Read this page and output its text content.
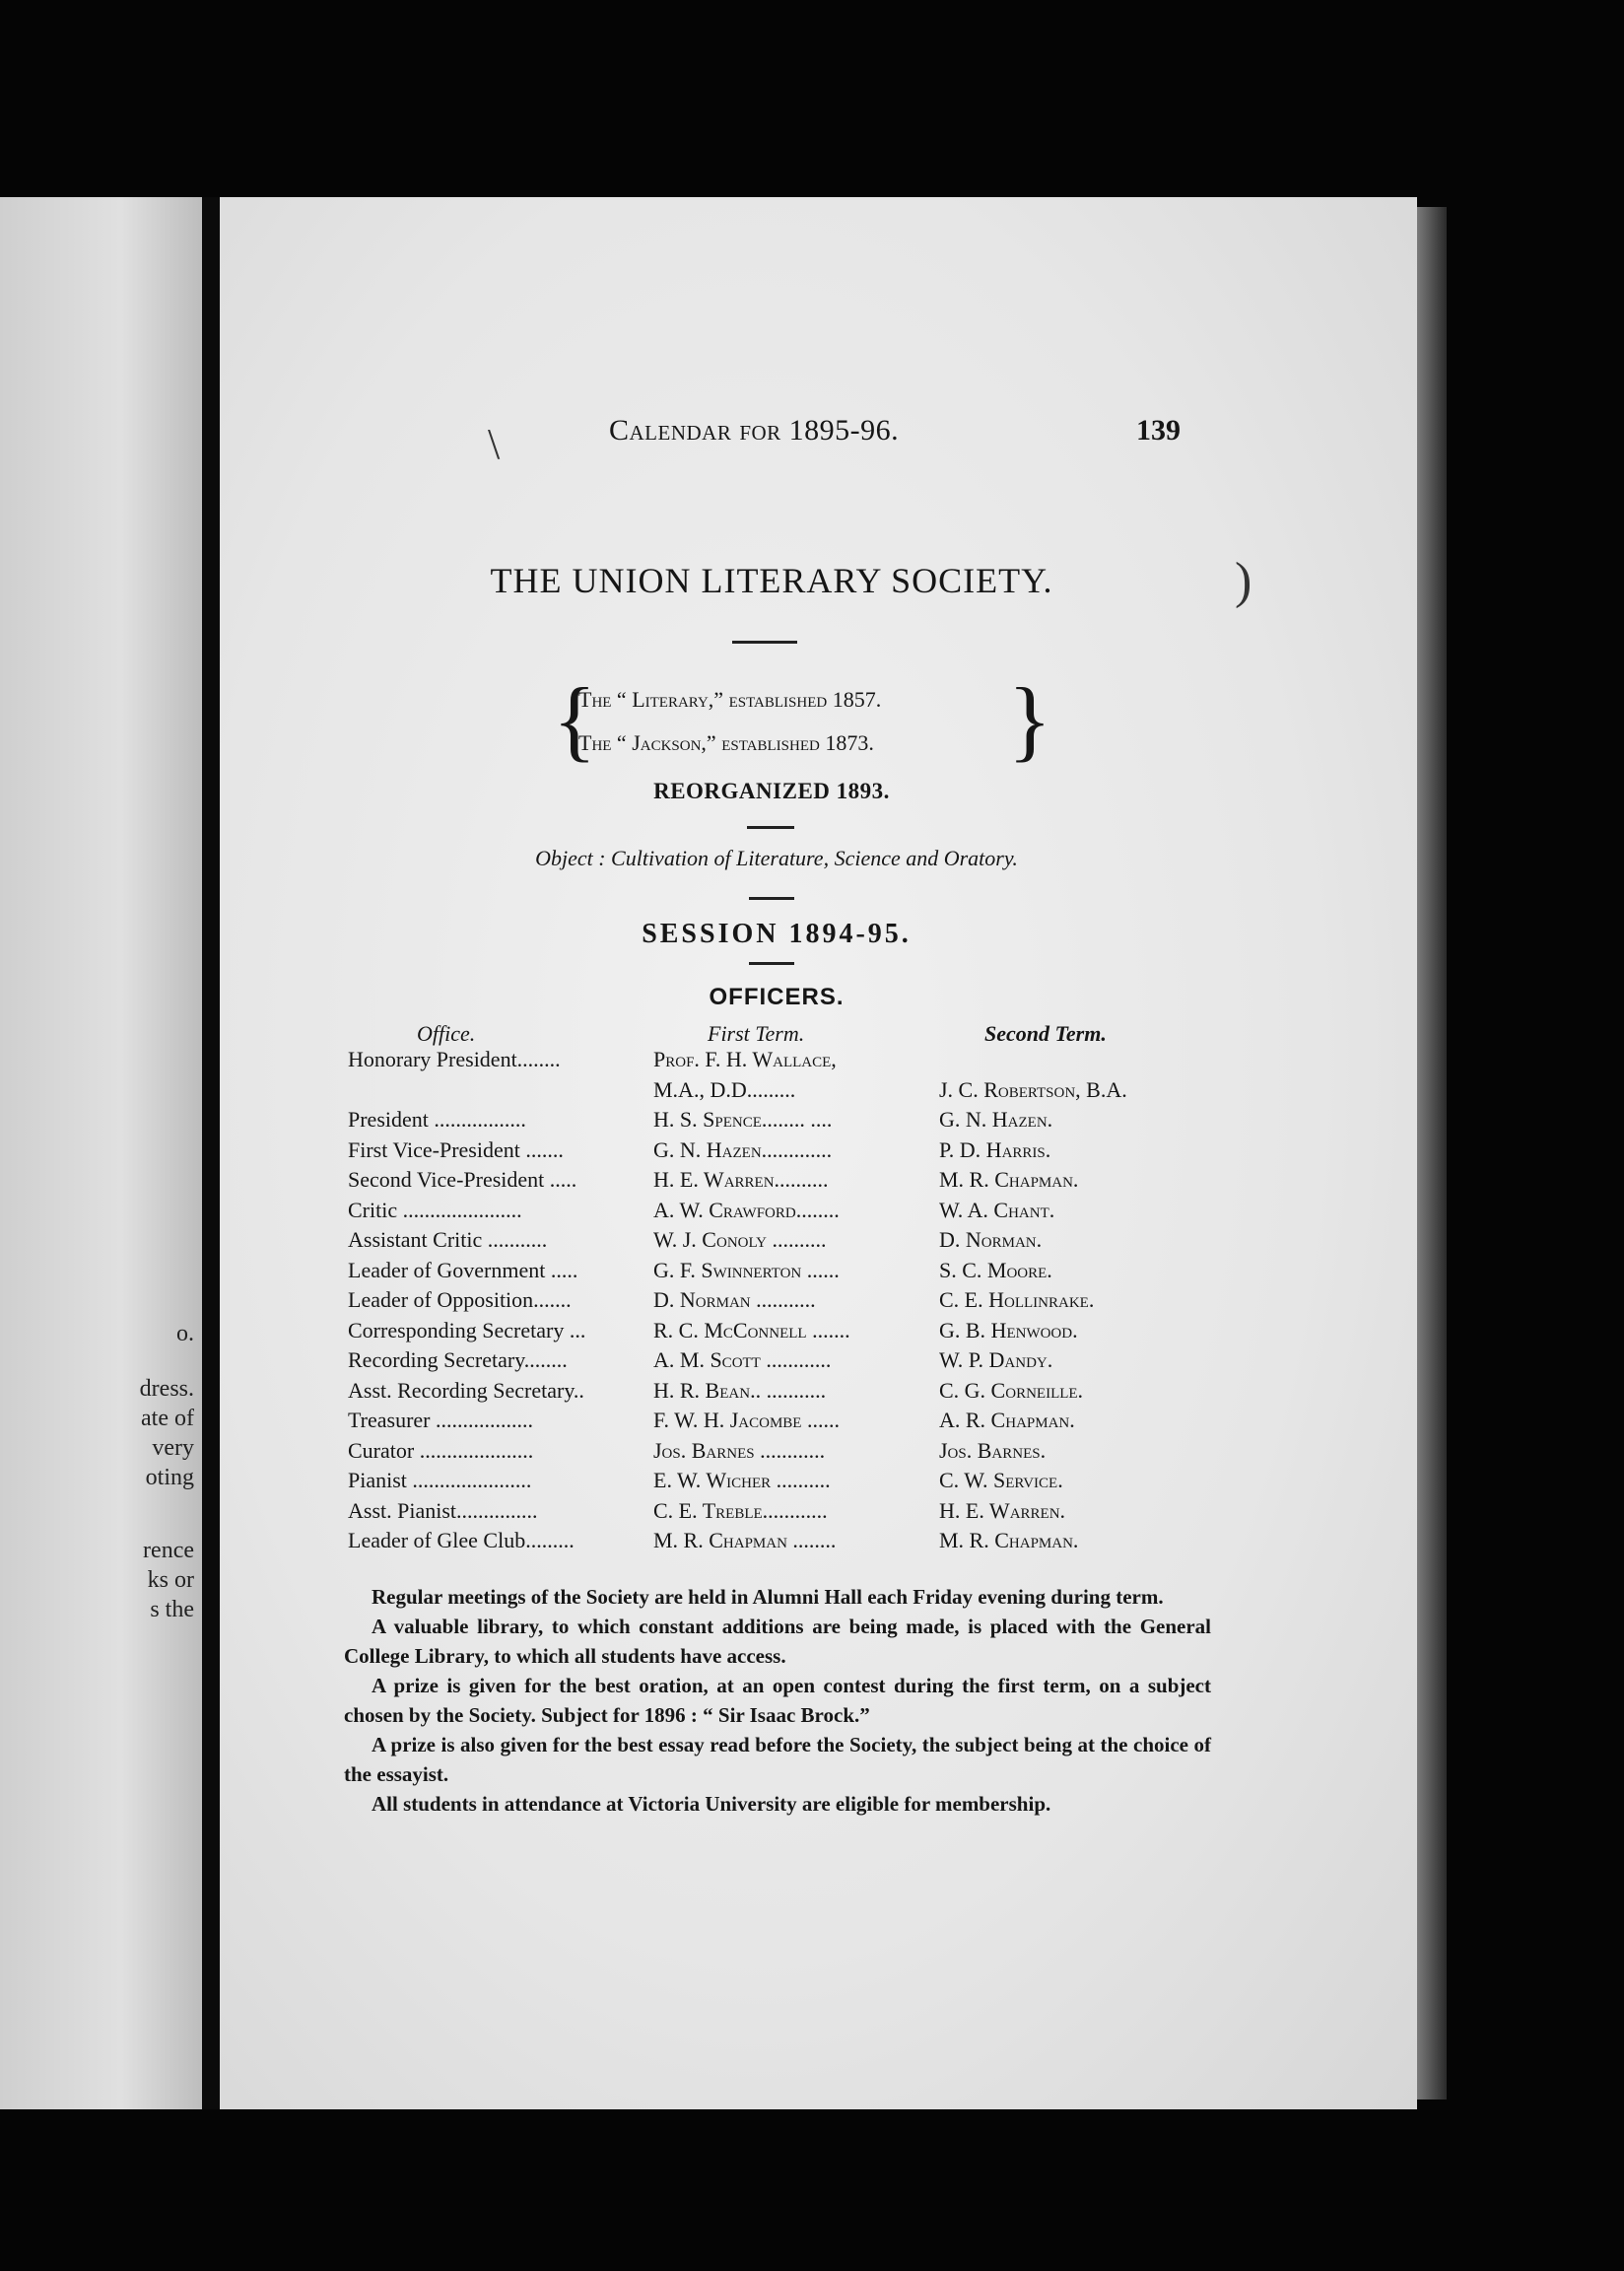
o.
dress.
ate of
very
oting
rence
ks or
s the
Calendar for 1895-96.	139
\
)
THE UNION LITERARY SOCIETY.
{
The “ Literary,” established 1857.
The “ Jackson,” established 1873.	}
REORGANIZED 1893.
Object : Cultivation of Literature, Science and Oratory.
SESSION 1894-95.
OFFICERS.
Office.	First Term.	Second Term.
Honorary President........	Prof. F. H. Wallace,	
	M.A., D.D.........	J. C. Robertson, B.A.
President .................	H. S. Spence........ ....	G. N. Hazen.
First Vice-President .......	G. N. Hazen.............	P. D. Harris.
Second Vice-President .....	H. E. Warren..........	M. R. Chapman.
Critic ......................	A. W. Crawford........	W. A. Chant.
Assistant Critic ...........	W. J. Conoly ..........	D. Norman.
Leader of Government .....	G. F. Swinnerton ......	S. C. Moore.
Leader of Opposition.......	D. Norman ...........	C. E. Hollinrake.
Corresponding Secretary ...	R. C. McConnell .......	G. B. Henwood.
Recording Secretary........	A. M. Scott ............	W. P. Dandy.
Asst. Recording Secretary..	H. R. Bean.. ...........	C. G. Corneille.
Treasurer ..................	F. W. H. Jacombe ......	A. R. Chapman.
Curator .....................	Jos. Barnes ............	Jos. Barnes.
Pianist ......................	E. W. Wicher ..........	C. W. Service.
Asst. Pianist...............	C. E. Treble............	H. E. Warren.
Leader of Glee Club.........	M. R. Chapman ........	M. R. Chapman.

Regular meetings of the Society are held in Alumni Hall each Friday evening during term.

A valuable library, to which constant additions are being made, is placed with the General College Library, to which all students have access.

A prize is given for the best oration, at an open contest during the first term, on a subject chosen by the Society. Subject for 1896 : “ Sir Isaac Brock.”

A prize is also given for the best essay read before the Society, the subject being at the choice of the essayist.

All students in attendance at Victoria University are eligible for membership.
